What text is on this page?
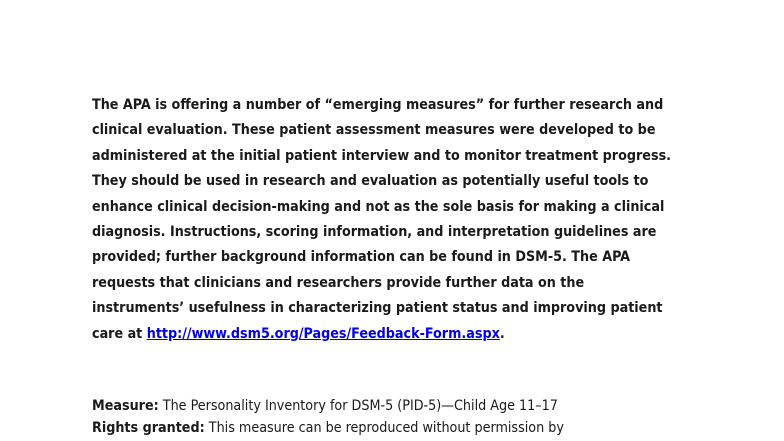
The APA is offering a number of “emerging measures” for further research and
clinical evaluation. These patient assessment measures were developed to be
administered at the initial patient interview and to monitor treatment progress.
They should be used in research and evaluation as potentially useful tools to
enhance clinical decision-making and not as the sole basis for making a clinical
diagnosis. Instructions, scoring information, and interpretation guidelines are
provided; further background information can be found in DSM-5. The APA
requests that clinicians and researchers provide further data on the
instruments’ usefulness in characterizing patient status and improving patient
care at http://www.dsm5.org/Pages/Feedback-Form.aspx.

Measure: The Personality Inventory for DSM-5 (PID-5)—Child Age 11–17
Rights granted: This measure can be reproduced without permission by
